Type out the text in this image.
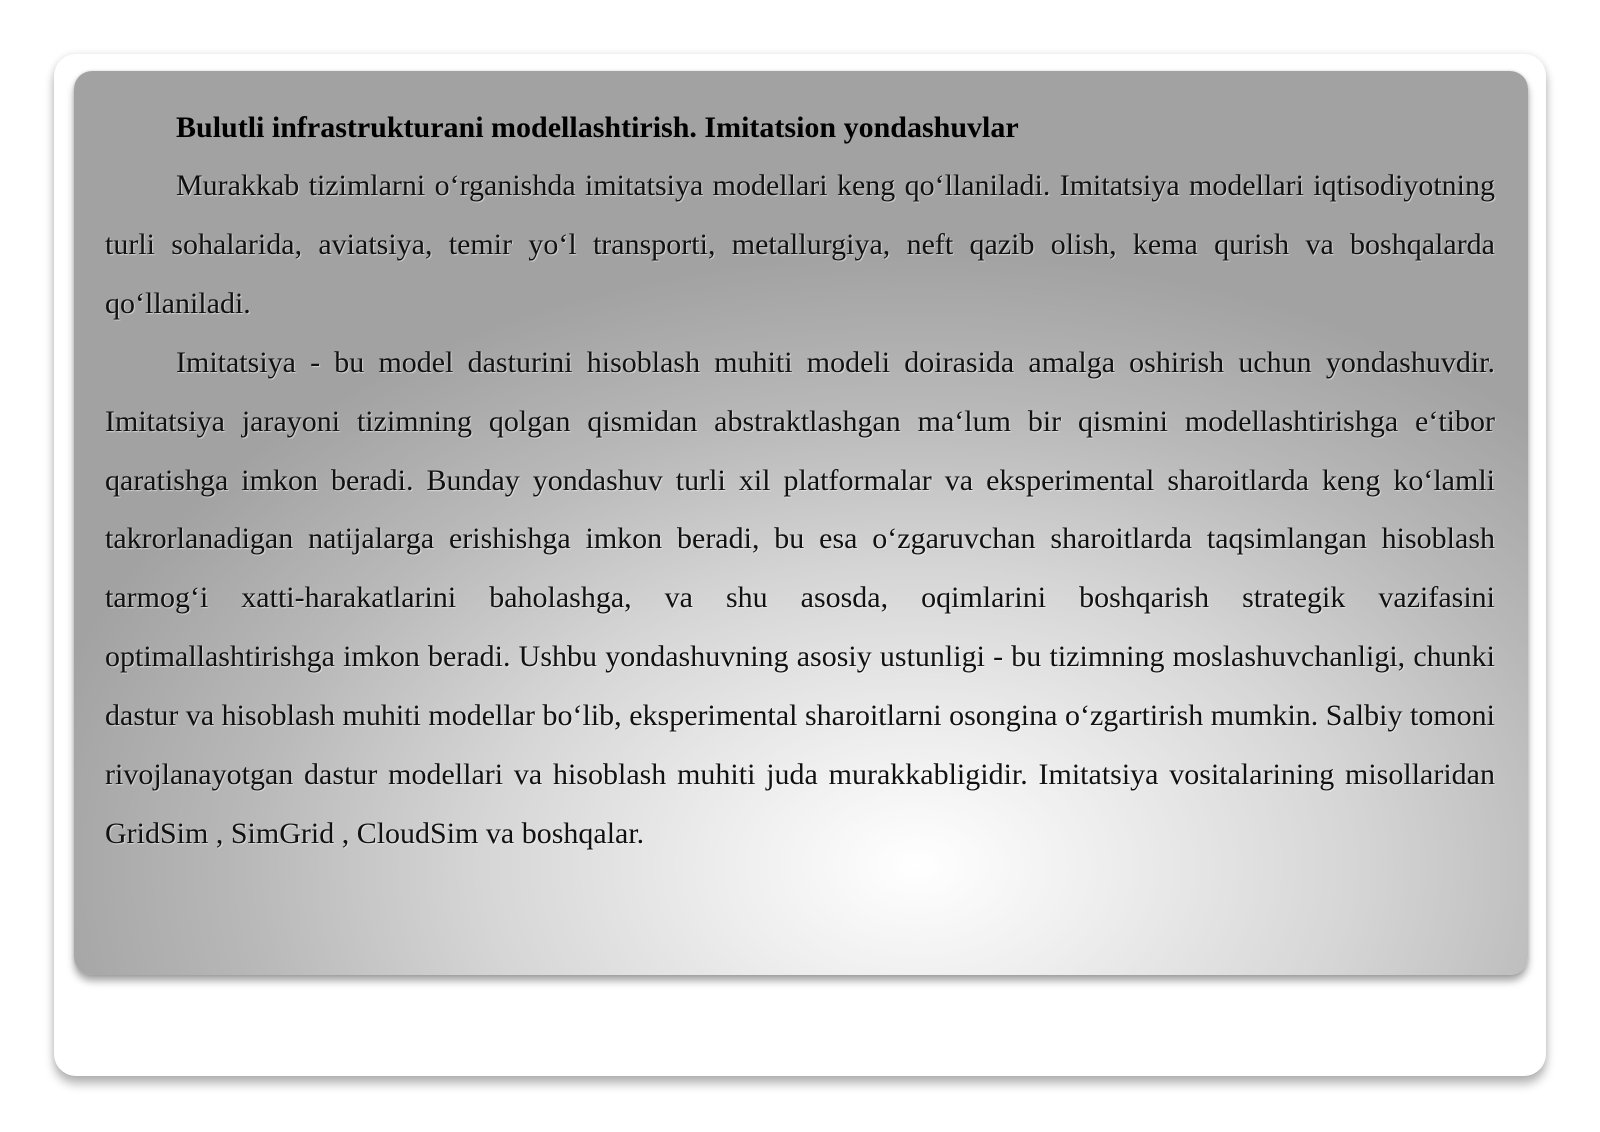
Bulutli infrastrukturani modellashtirish. Imitatsion yondashuvlar

Murakkab tizimlarni o‘rganishda imitatsiya modellari keng qo‘llaniladi. Imitatsiya modellari iqtisodiyotning turli sohalarida, aviatsiya, temir yo‘l transporti, metallurgiya, neft qazib olish, kema qurish va boshqalarda qo‘llaniladi.

Imitatsiya - bu model dasturini hisoblash muhiti modeli doirasida amalga oshirish uchun yondashuvdir. Imitatsiya jarayoni tizimning qolgan qismidan abstraktlashgan ma‘lum bir qismini modellashtirishga e‘tibor qaratishga imkon beradi. Bunday yondashuv turli xil platformalar va eksperimental sharoitlarda keng ko‘lamli takrorlanadigan natijalarga erishishga imkon beradi, bu esa o‘zgaruvchan sharoitlarda taqsimlangan hisoblash tarmog‘i xatti-harakatlarini baholashga, va shu asosda, oqimlarini boshqarish strategik vazifasini optimallashtirishga imkon beradi. Ushbu yondashuvning asosiy ustunligi - bu tizimning moslashuvchanligi, chunki dastur va hisoblash muhiti modellar bo‘lib, eksperimental sharoitlarni osongina o‘zgartirish mumkin. Salbiy tomoni rivojlanayotgan dastur modellari va hisoblash muhiti juda murakkabligidir. Imitatsiya vositalarining misollaridan GridSim , SimGrid , CloudSim va boshqalar.
